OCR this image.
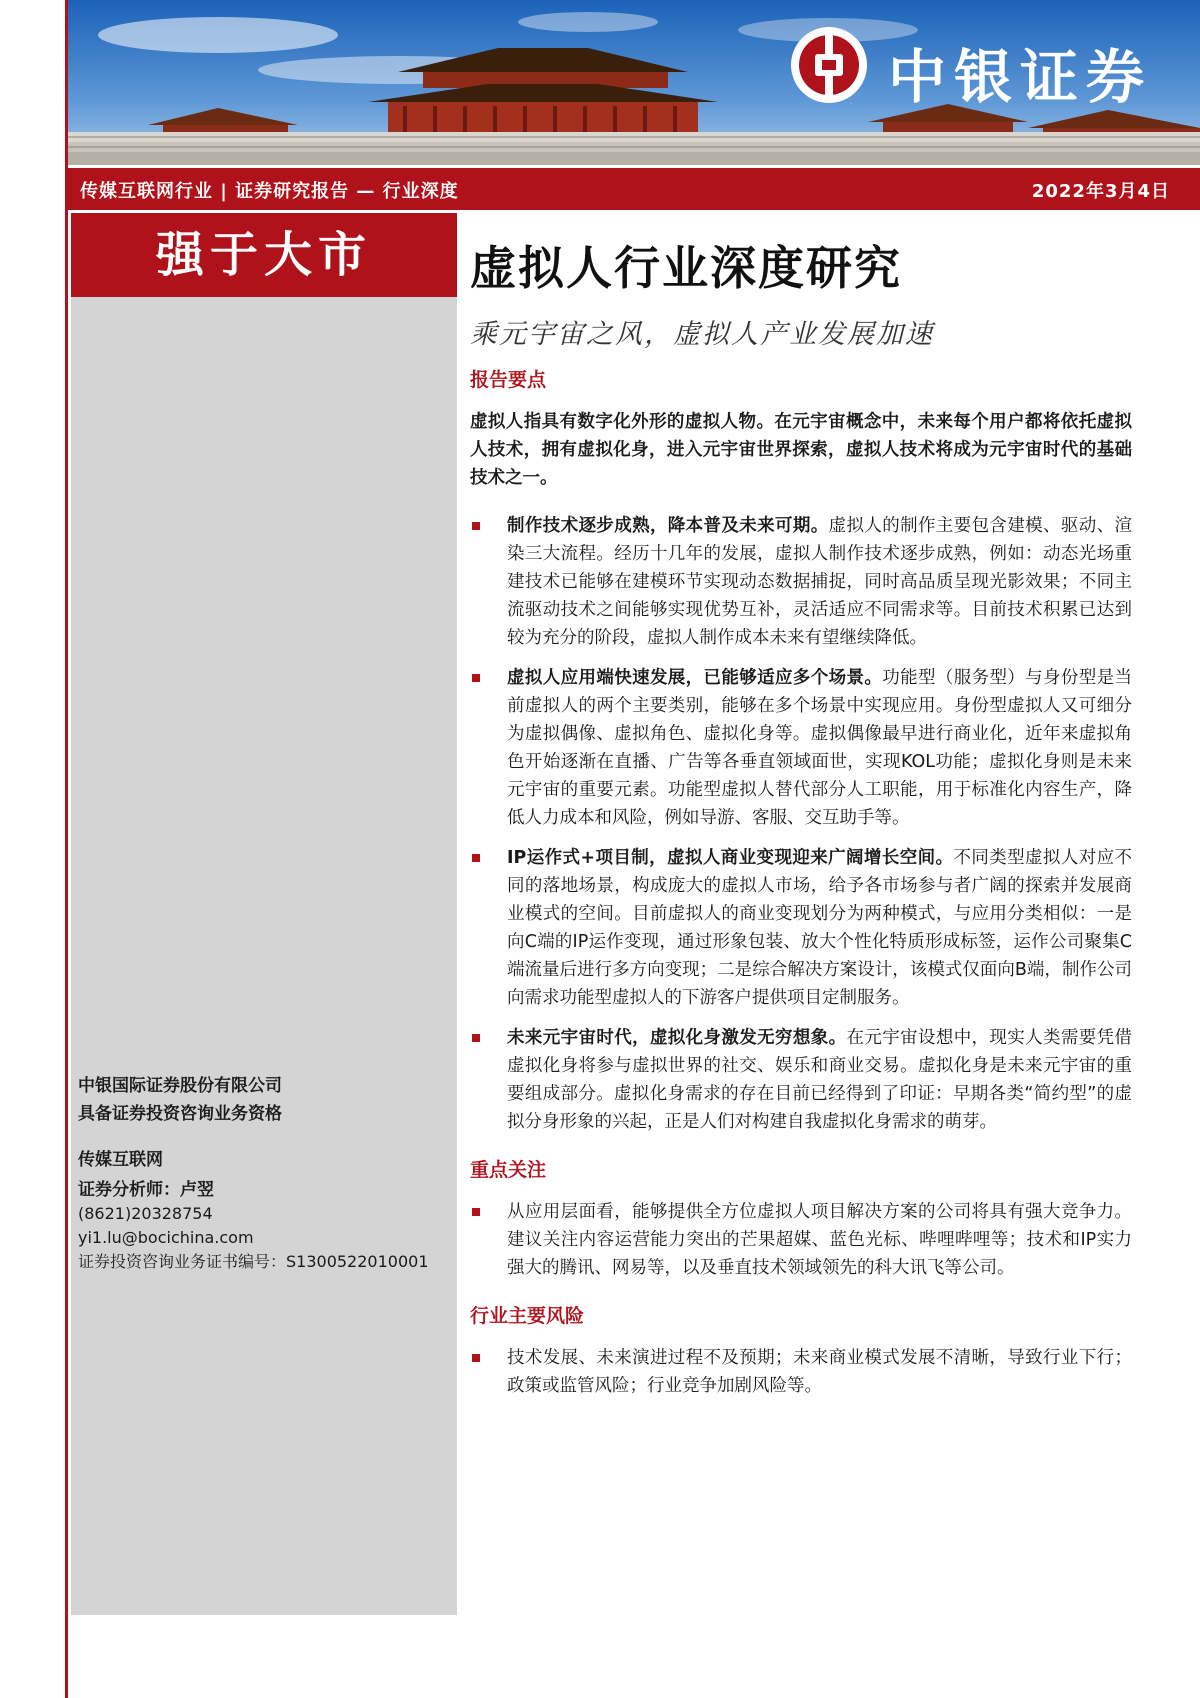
中银证券
传媒互联网行业 | 证券研究报告 — 行业深度	2022年3月4日
强于大市
中银国际证券股份有限公司
具备证券投资咨询业务资格
传媒互联网
证券分析师：卢翌
(8621)20328754
yi1.lu@bocichina.com
证券投资咨询业务证书编号：S1300522010001
虚拟人行业深度研究
乘元宇宙之风，虚拟人产业发展加速
报告要点
虚拟人指具有数字化外形的虚拟人物。在元宇宙概念中，未来每个用户都将依托虚拟人技术，拥有虚拟化身，进入元宇宙世界探索，虚拟人技术将成为元宇宙时代的基础技术之一。
制作技术逐步成熟，降本普及未来可期。虚拟人的制作主要包含建模、驱动、渲染三大流程。经历十几年的发展，虚拟人制作技术逐步成熟，例如：动态光场重建技术已能够在建模环节实现动态数据捕捉，同时高品质呈现光影效果；不同主流驱动技术之间能够实现优势互补，灵活适应不同需求等。目前技术积累已达到较为充分的阶段，虚拟人制作成本未来有望继续降低。
虚拟人应用端快速发展，已能够适应多个场景。功能型（服务型）与身份型是当前虚拟人的两个主要类别，能够在多个场景中实现应用。身份型虚拟人又可细分为虚拟偶像、虚拟角色、虚拟化身等。虚拟偶像最早进行商业化，近年来虚拟角色开始逐渐在直播、广告等各垂直领域面世，实现KOL功能；虚拟化身则是未来元宇宙的重要元素。功能型虚拟人替代部分人工职能，用于标准化内容生产，降低人力成本和风险，例如导游、客服、交互助手等。
IP运作式+项目制，虚拟人商业变现迎来广阔增长空间。不同类型虚拟人对应不同的落地场景，构成庞大的虚拟人市场，给予各市场参与者广阔的探索并发展商业模式的空间。目前虚拟人的商业变现划分为两种模式，与应用分类相似：一是向C端的IP运作变现，通过形象包装、放大个性化特质形成标签，运作公司聚集C端流量后进行多方向变现；二是综合解决方案设计，该模式仅面向B端，制作公司向需求功能型虚拟人的下游客户提供项目定制服务。
未来元宇宙时代，虚拟化身激发无穷想象。在元宇宙设想中，现实人类需要凭借虚拟化身将参与虚拟世界的社交、娱乐和商业交易。虚拟化身是未来元宇宙的重要组成部分。虚拟化身需求的存在目前已经得到了印证：早期各类“简约型”的虚拟分身形象的兴起，正是人们对构建自我虚拟化身需求的萌芽。
重点关注
从应用层面看，能够提供全方位虚拟人项目解决方案的公司将具有强大竞争力。建议关注内容运营能力突出的芒果超媒、蓝色光标、哔哩哔哩等；技术和IP实力强大的腾讯、网易等，以及垂直技术领域领先的科大讯飞等公司。
行业主要风险
技术发展、未来演进过程不及预期；未来商业模式发展不清晰，导致行业下行；政策或监管风险；行业竞争加剧风险等。
